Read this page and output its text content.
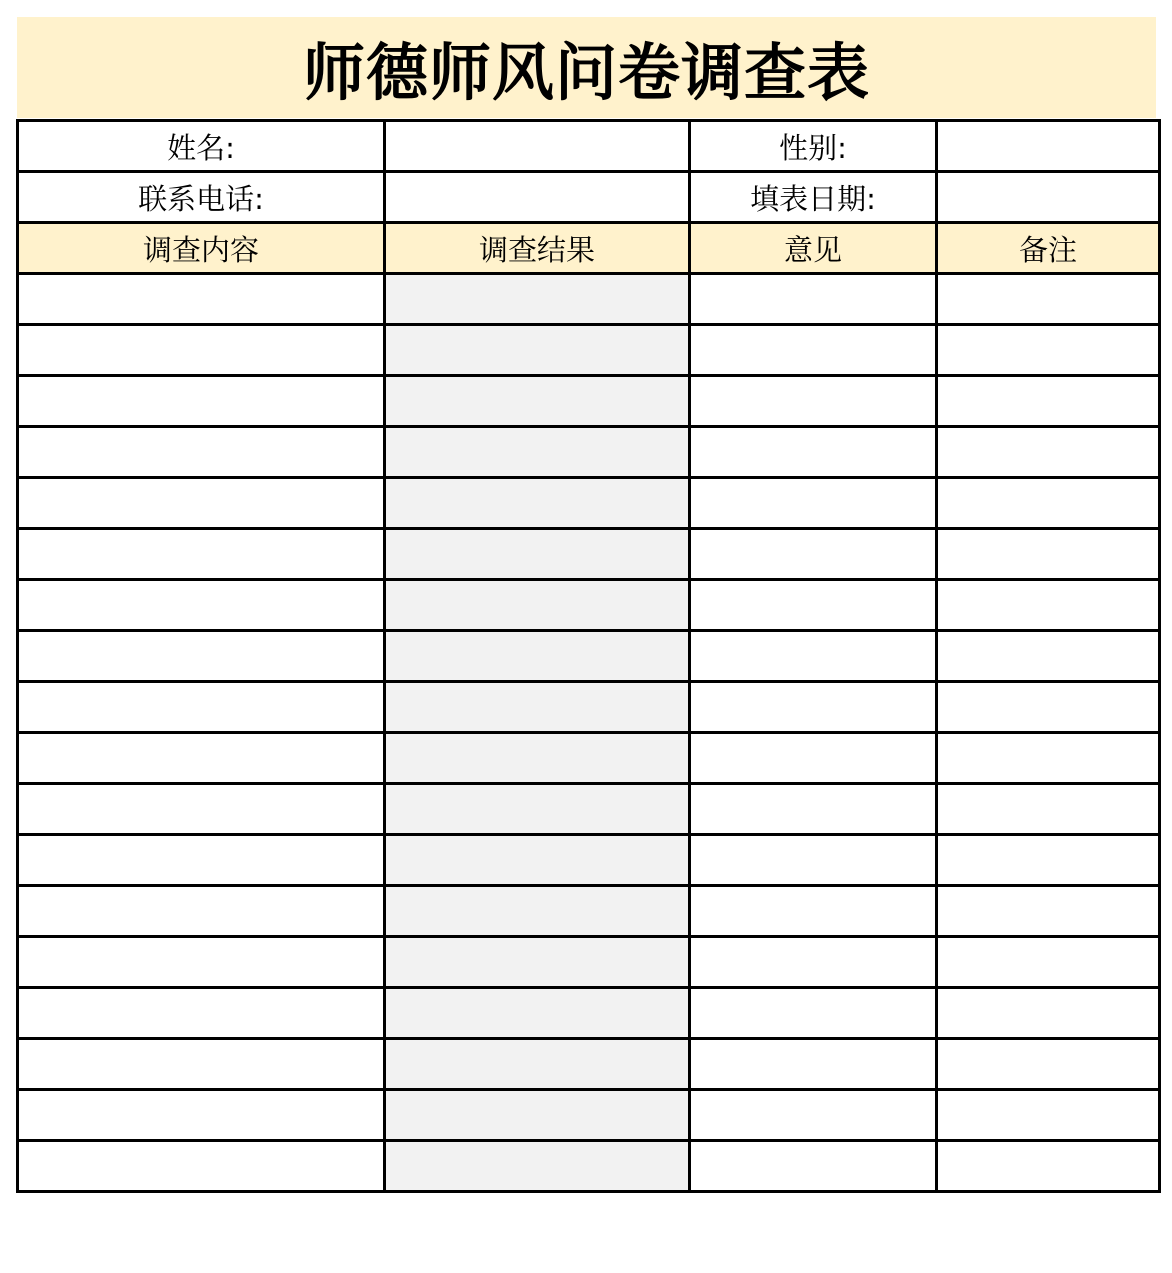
师德师风问卷调查表
姓名:		性别:	
联系电话:		填表日期:	
调查内容	调查结果	意见	备注
